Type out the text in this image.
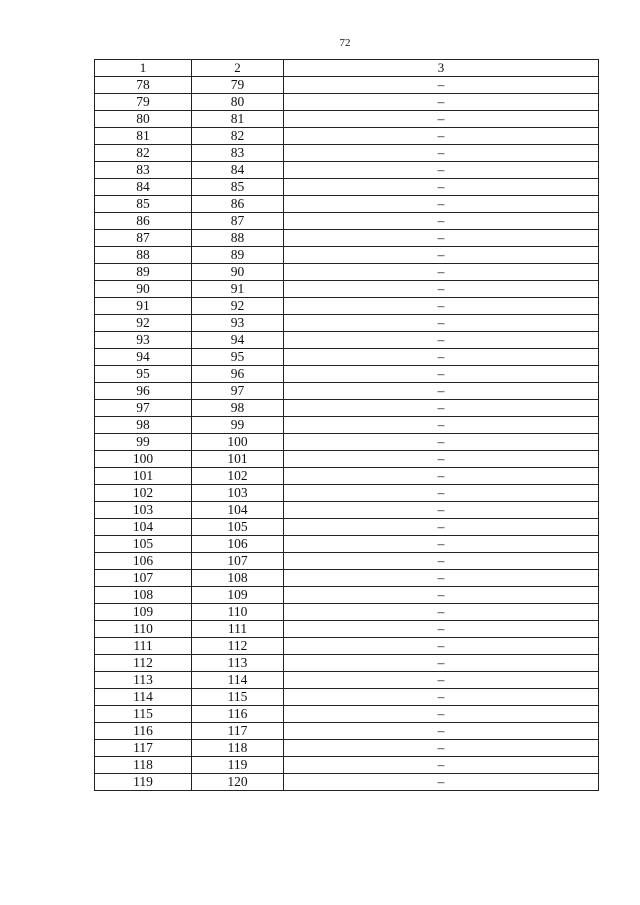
72
1	2	3
78	79	–
79	80	–
80	81	–
81	82	–
82	83	–
83	84	–
84	85	–
85	86	–
86	87	–
87	88	–
88	89	–
89	90	–
90	91	–
91	92	–
92	93	–
93	94	–
94	95	–
95	96	–
96	97	–
97	98	–
98	99	–
99	100	–
100	101	–
101	102	–
102	103	–
103	104	–
104	105	–
105	106	–
106	107	–
107	108	–
108	109	–
109	110	–
110	111	–
111	112	–
112	113	–
113	114	–
114	115	–
115	116	–
116	117	–
117	118	–
118	119	–
119	120	–
